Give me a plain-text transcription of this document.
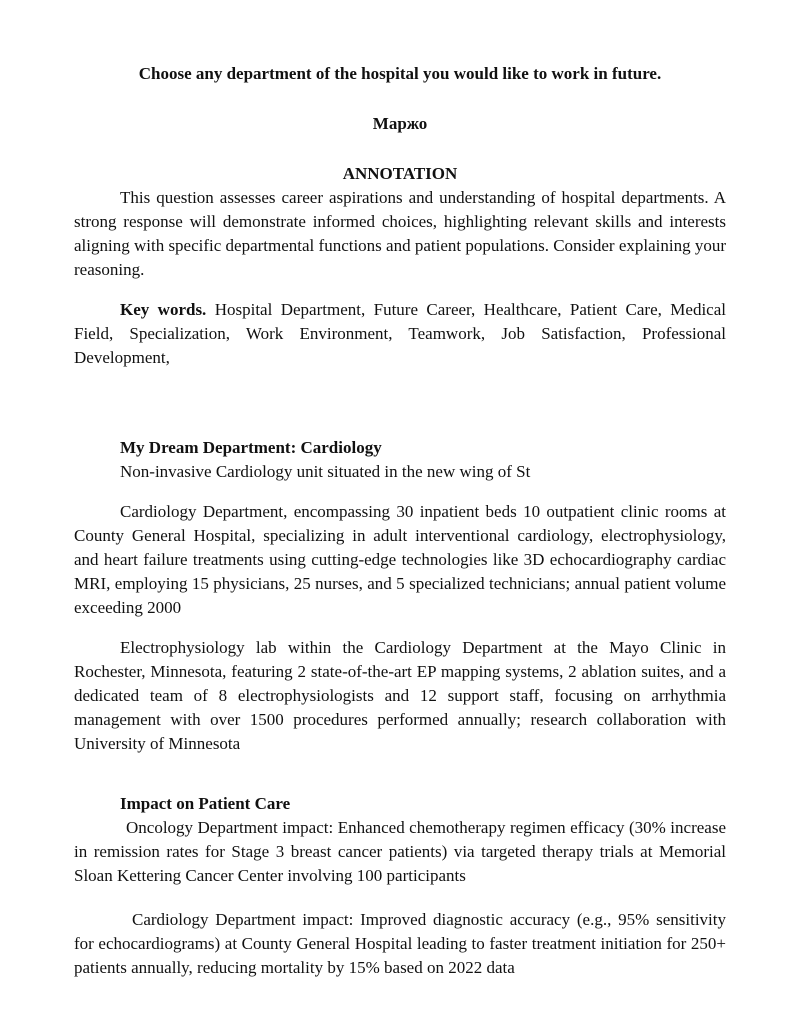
Choose any department of the hospital you would like to work in future.
Маржо
ANNOTATION

This question assesses career aspirations and understanding of hospital departments. A strong response will demonstrate informed choices, highlighting relevant skills and interests aligning with specific departmental functions and patient populations. Consider explaining your reasoning.

Key words. Hospital Department, Future Career, Healthcare, Patient Care, Medical Field, Specialization, Work Environment, Teamwork, Job Satisfaction, Professional Development,

My Dream Department: Cardiology
Non-invasive Cardiology unit situated in the new wing of St

Cardiology Department, encompassing 30 inpatient beds 10 outpatient clinic rooms at County General Hospital, specializing in adult interventional cardiology, electrophysiology, and heart failure treatments using cutting-edge technologies like 3D echocardiography cardiac MRI, employing 15 physicians, 25 nurses, and 5 specialized technicians; annual patient volume exceeding 2000

Electrophysiology lab within the Cardiology Department at the Mayo Clinic in Rochester, Minnesota, featuring 2 state-of-the-art EP mapping systems, 2 ablation suites, and a dedicated team of 8 electrophysiologists and 12 support staff, focusing on arrhythmia management with over 1500 procedures performed annually; research collaboration with University of Minnesota

Impact on Patient Care

Oncology Department impact: Enhanced chemotherapy regimen efficacy (30% increase in remission rates for Stage 3 breast cancer patients) via targeted therapy trials at Memorial Sloan Kettering Cancer Center involving 100 participants

Cardiology Department impact: Improved diagnostic accuracy (e.g., 95% sensitivity for echocardiograms) at County General Hospital leading to faster treatment initiation for 250+ patients annually, reducing mortality by 15% based on 2022 data
